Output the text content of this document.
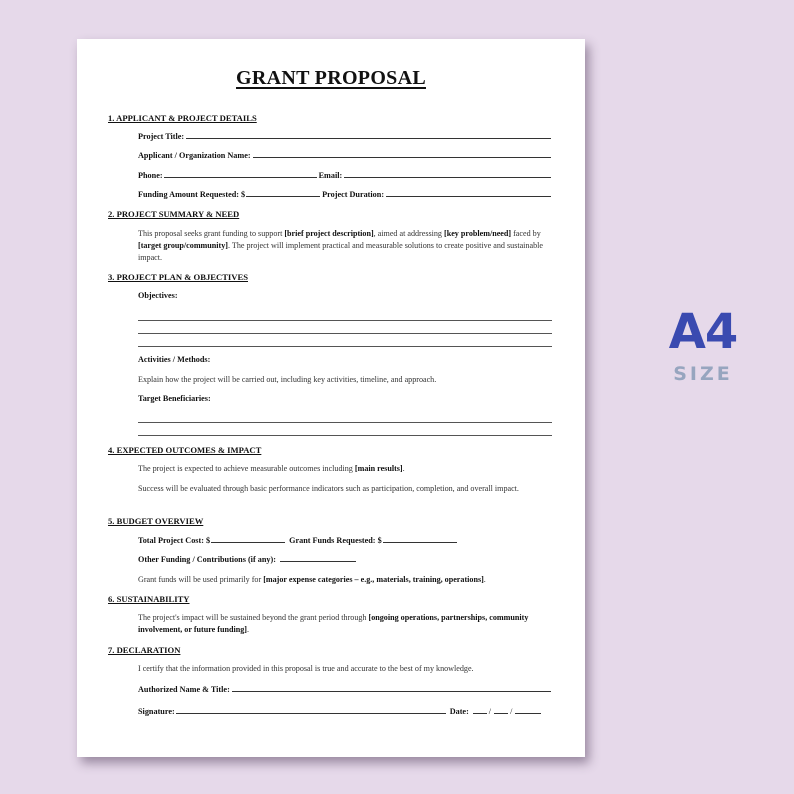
GRANT PROPOSAL
1. APPLICANT & PROJECT DETAILS
Project Title:
Applicant / Organization Name:
Phone:	Email:
Funding Amount Requested: $	Project Duration:
2. PROJECT SUMMARY & NEED
This proposal seeks grant funding to support [brief project description], aimed at addressing [key problem/need] faced by [target group/community]. The project will implement practical and measurable solutions to create positive and sustainable impact.
3. PROJECT PLAN & OBJECTIVES
Objectives:
Activities / Methods:
Explain how the project will be carried out, including key activities, timeline, and approach.
Target Beneficiaries:
4. EXPECTED OUTCOMES & IMPACT
The project is expected to achieve measurable outcomes including [main results].
Success will be evaluated through basic performance indicators such as participation, completion, and overall impact.
5. BUDGET OVERVIEW
Total Project Cost: $	Grant Funds Requested: $
Other Funding / Contributions (if any):
Grant funds will be used primarily for [major expense categories – e.g., materials, training, operations].
6. SUSTAINABILITY
The project's impact will be sustained beyond the grant period through [ongoing operations, partnerships, community involvement, or future funding].
7. DECLARATION
I certify that the information provided in this proposal is true and accurate to the best of my knowledge.
Authorized Name & Title:
Signature:	Date: / /
A4
SIZE
